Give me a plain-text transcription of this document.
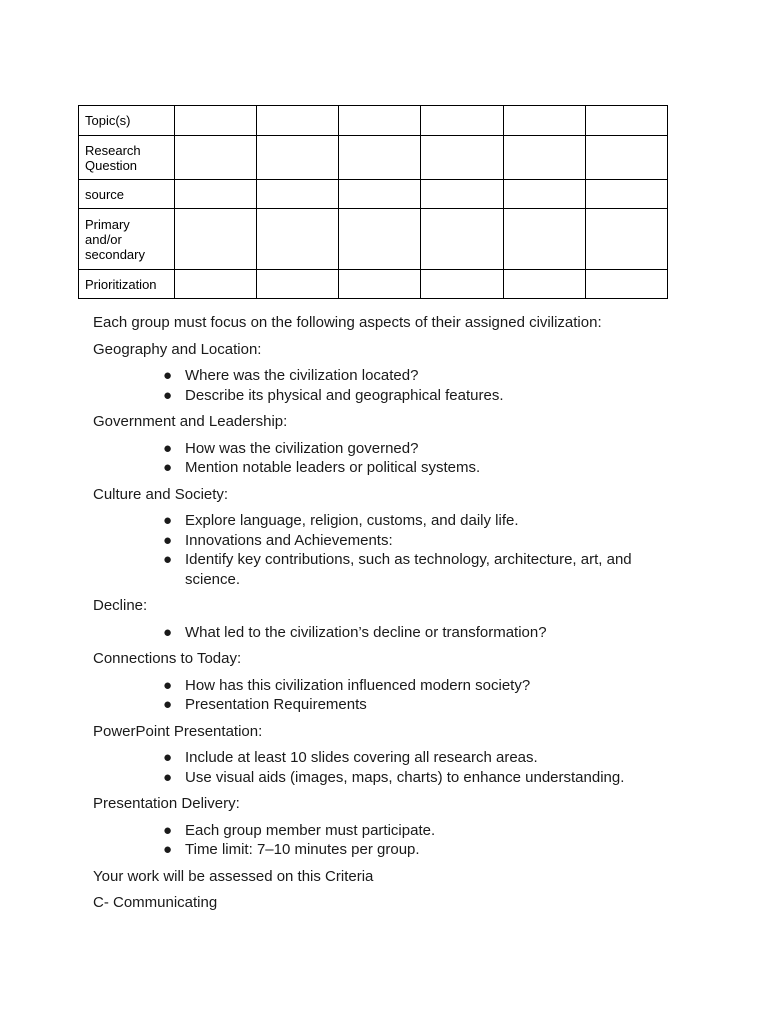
Topic(s)						
Research Question						
source						
Primary and/or secondary						
Prioritization						

Each group must focus on the following aspects of their assigned civilization:

Geography and Location:

● Where was the civilization located?
● Describe its physical and geographical features.

Government and Leadership:

● How was the civilization governed?
● Mention notable leaders or political systems.

Culture and Society:

● Explore language, religion, customs, and daily life.
● Innovations and Achievements:
● Identify key contributions, such as technology, architecture, art, and science.

Decline:

● What led to the civilization’s decline or transformation?

Connections to Today:

● How has this civilization influenced modern society?
● Presentation Requirements

PowerPoint Presentation:

● Include at least 10 slides covering all research areas.
● Use visual aids (images, maps, charts) to enhance understanding.

Presentation Delivery:

● Each group member must participate.
● Time limit: 7–10 minutes per group.

Your work will be assessed on this Criteria

C- Communicating
